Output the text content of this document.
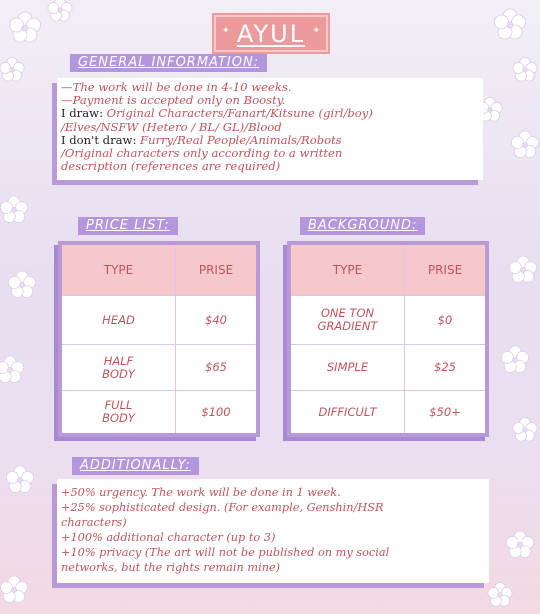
✦ AYUL ✦
GENERAL INFORMATION:

—The work will be done in 4-10 weeks.

—Payment is accepted only on Boosty.

I draw: Original Characters/Fanart/Kitsune (girl/boy)

/Elves/NSFW (Hetero / BL/ GL)/Blood

I don't draw: Furry/Real People/Animals/Robots

/Original characters only according to a written

description (references are required)

PRICE LIST:
TYPE	PRISE
HEAD	$40
HALF
BODY	$65
FULL
BODY	$100
BACKGROUND:
TYPE	PRISE
ONE TON
GRADIENT	$0
SIMPLE	$25
DIFFICULT	$50+
ADDITIONALLY:

+50% urgency. The work will be done in 1 week.

+25% sophisticated design. (For example, Genshin/HSR

characters)

+100% additional character (up to 3)

+10% privacy (The art will not be published on my social

networks, but the rights remain mine)
